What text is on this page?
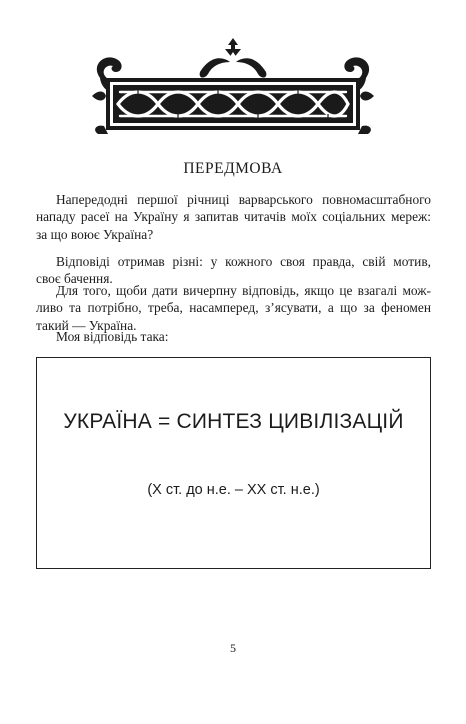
ПЕРЕДМОВА

Напередодні першої річниці варварського повномасштабного
нападу расеї на Україну я запитав читачів моїх соціальних мереж:
за що воює Україна?

Відповіді отримав різні: у кожного своя правда, свій мотив,
своє бачення.

Для того, щоби дати вичерпну відповідь, якщо це взагалі мож-
ливо та потрібно, треба, насамперед, з’ясувати, а що за феномен
такий — Україна.

Моя відповідь така:

УКРАЇНА = СИНТЕЗ ЦИВІЛІЗАЦІЙ
(Х ст. до н.е. – ХХ ст. н.е.)
5
